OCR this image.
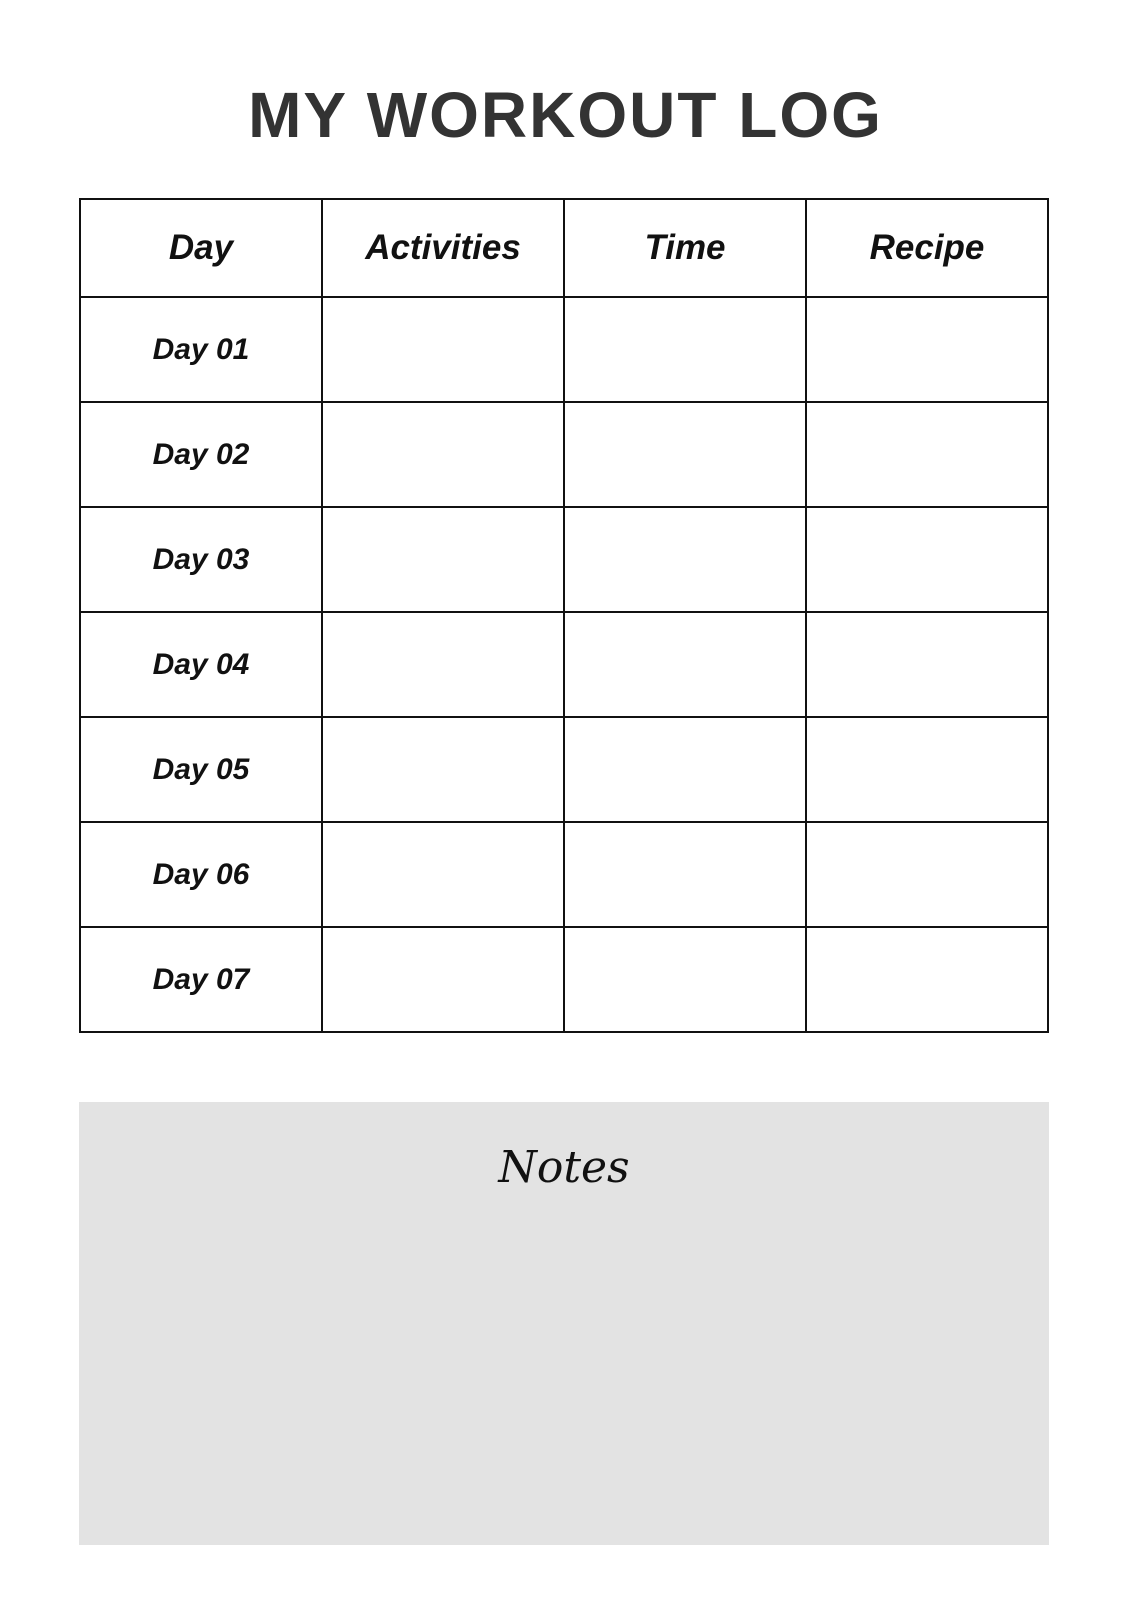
MY WORKOUT LOG
Day	Activities	Time	Recipe
Day 01			
Day 02			
Day 03			
Day 04			
Day 05			
Day 06			
Day 07			
Notes
